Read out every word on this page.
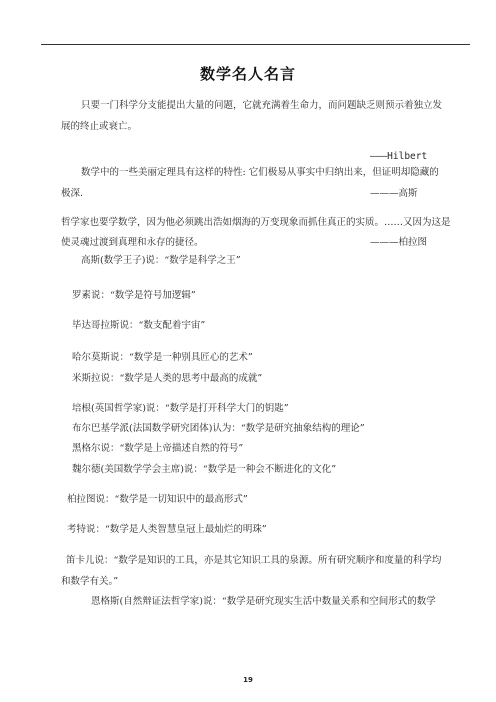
数学名人名言
只要一门科学分支能提出大量的问题，它就充满着生命力，而问题缺乏则预示着独立发
展的终止或衰亡。
———Hilbert
数学中的一些美丽定理具有这样的特性: 它们极易从事实中归纳出来，但证明却隐藏的
极深.	———高斯
哲学家也要学数学，因为他必须跳出浩如烟海的万变现象而抓住真正的实质。……又因为这是
使灵魂过渡到真理和永存的捷径。	———柏拉图
高斯(数学王子)说：“数学是科学之王”
罗素说：“数学是符号加逻辑”
毕达哥拉斯说：“数支配着宇宙”
哈尔莫斯说：“数学是一种别具匠心的艺术”
米斯拉说：“数学是人类的思考中最高的成就”
培根(英国哲学家)说：“数学是打开科学大门的钥匙”
布尔巴基学派(法国数学研究团体)认为：“数学是研究抽象结构的理论”
黑格尔说：“数学是上帝描述自然的符号”
魏尔德(美国数学学会主席)说：“数学是一种会不断进化的文化”
柏拉图说：“数学是一切知识中的最高形式”
考特说：“数学是人类智慧皇冠上最灿烂的明珠”
笛卡儿说：“数学是知识的工具，亦是其它知识工具的泉源。所有研究顺序和度量的科学均
和数学有关。”
恩格斯(自然辩证法哲学家)说：“数学是研究现实生活中数量关系和空间形式的数学
19
